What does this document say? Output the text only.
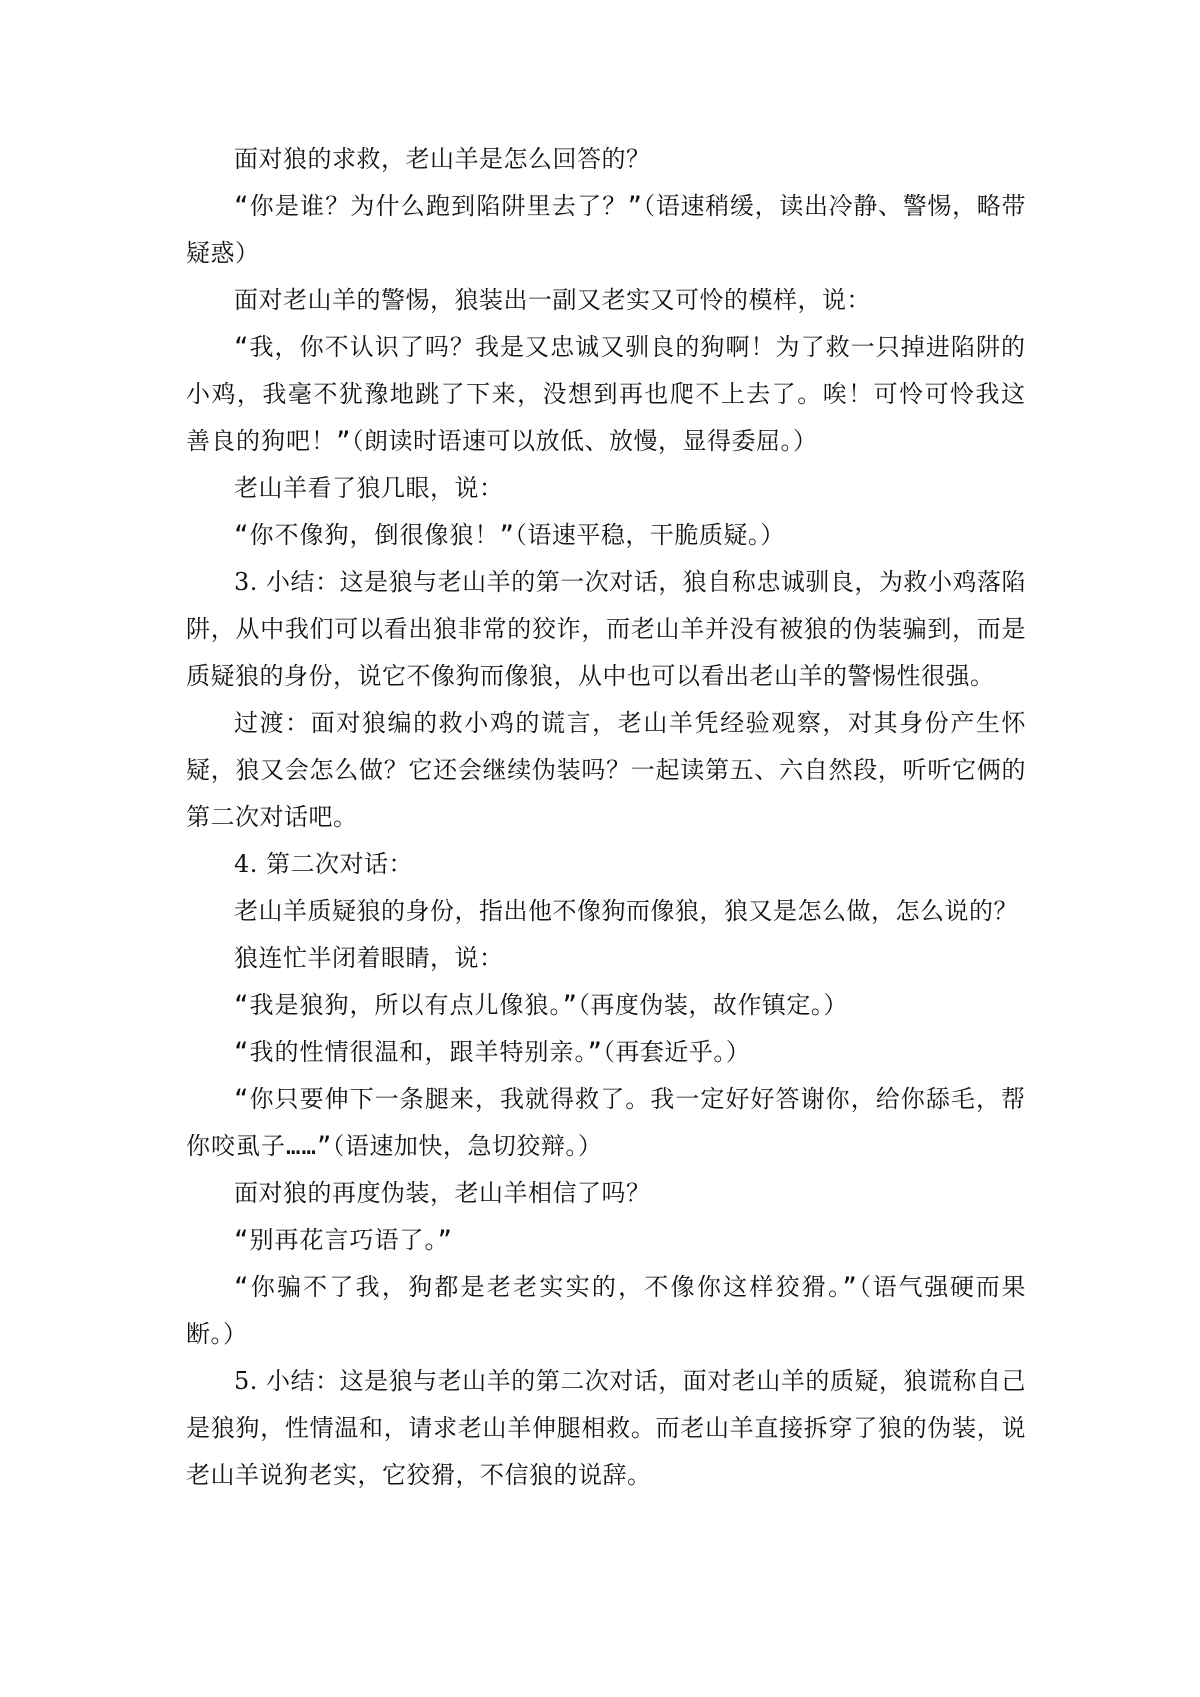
面对狼的求救，老山羊是怎么回答的？

“你是谁？为什么跑到陷阱里去了？”（语速稍缓，读出冷静、警惕，略带疑惑）

面对老山羊的警惕，狼装出一副又老实又可怜的模样，说：

“我，你不认识了吗？我是又忠诚又驯良的狗啊！为了救一只掉进陷阱的小鸡，我毫不犹豫地跳了下来，没想到再也爬不上去了。唉！可怜可怜我这善良的狗吧！”（朗读时语速可以放低、放慢，显得委屈。）

老山羊看了狼几眼，说：

“你不像狗，倒很像狼！”（语速平稳，干脆质疑。）

3. 小结：这是狼与老山羊的第一次对话，狼自称忠诚驯良，为救小鸡落陷阱，从中我们可以看出狼非常的狡诈，而老山羊并没有被狼的伪装骗到，而是质疑狼的身份，说它不像狗而像狼，从中也可以看出老山羊的警惕性很强。

过渡：面对狼编的救小鸡的谎言，老山羊凭经验观察，对其身份产生怀疑，狼又会怎么做？它还会继续伪装吗？一起读第五、六自然段，听听它俩的第二次对话吧。

4. 第二次对话：

老山羊质疑狼的身份，指出他不像狗而像狼，狼又是怎么做，怎么说的？

狼连忙半闭着眼睛，说：

“我是狼狗，所以有点儿像狼。”（再度伪装，故作镇定。）

“我的性情很温和，跟羊特别亲。”（再套近乎。）

“你只要伸下一条腿来，我就得救了。我一定好好答谢你，给你舔毛，帮你咬虱子……”（语速加快，急切狡辩。）

面对狼的再度伪装，老山羊相信了吗？

“别再花言巧语了。”

“你骗不了我，狗都是老老实实的，不像你这样狡猾。”（语气强硬而果断。）

5. 小结：这是狼与老山羊的第二次对话，面对老山羊的质疑，狼谎称自己是狼狗，性情温和，请求老山羊伸腿相救。而老山羊直接拆穿了狼的伪装，说老山羊说狗老实，它狡猾，不信狼的说辞。
